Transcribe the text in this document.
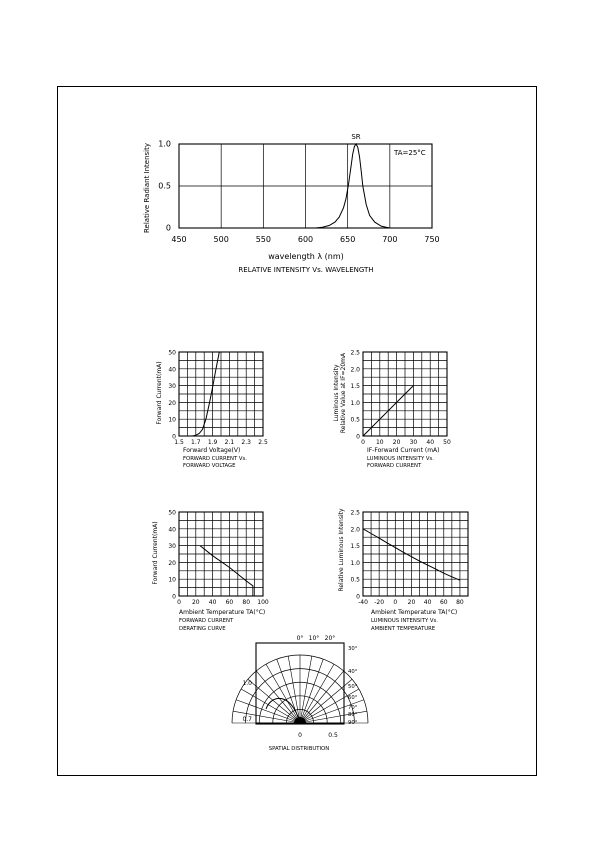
450	500	550	600	650	700	750
0
0.5
1.0
Relative Radiant Intensity
wavelength λ (nm)
RELATIVE INTENSITY Vs. WAVELENGTH
SR
TA=25°C
1.5 1.7 1.9 2.1 2.3 2.5
0
10
20
30
40
50
Forward Current(mA)
Forward Voltage(V)
FORWARD CURRENT Vs.
FORWARD VOLTAGE
0 10 20 30 40 50
0
0.5
1.0
1.5
2.0
2.5
Luminous Intensity Relative Value at IF=20mA
IF-Forward Current (mA)
LUMINOUS INTENSITY Vs.
FORWARD CURRENT
0 20 40 60 80 100
0
10
20
30
40
50
Forward Current(mA)
Ambient Temperature TA(°C)
FORWARD CURRENT
DERATING CURVE
-40 -20 0 20 40 60 80
0
0.5
1.0
1.5
2.0
2.5
Relative Luminous Intensity
Ambient Temperature TA(°C)
LUMINOUS INTENSITY Vs.
AMBIENT TEMPERATURE
0° 10° 20°
30°
40°
50°
60°
70°
80°
90°
1.0
0.7
0	0.5
SPATIAL DISTRIBUTION
